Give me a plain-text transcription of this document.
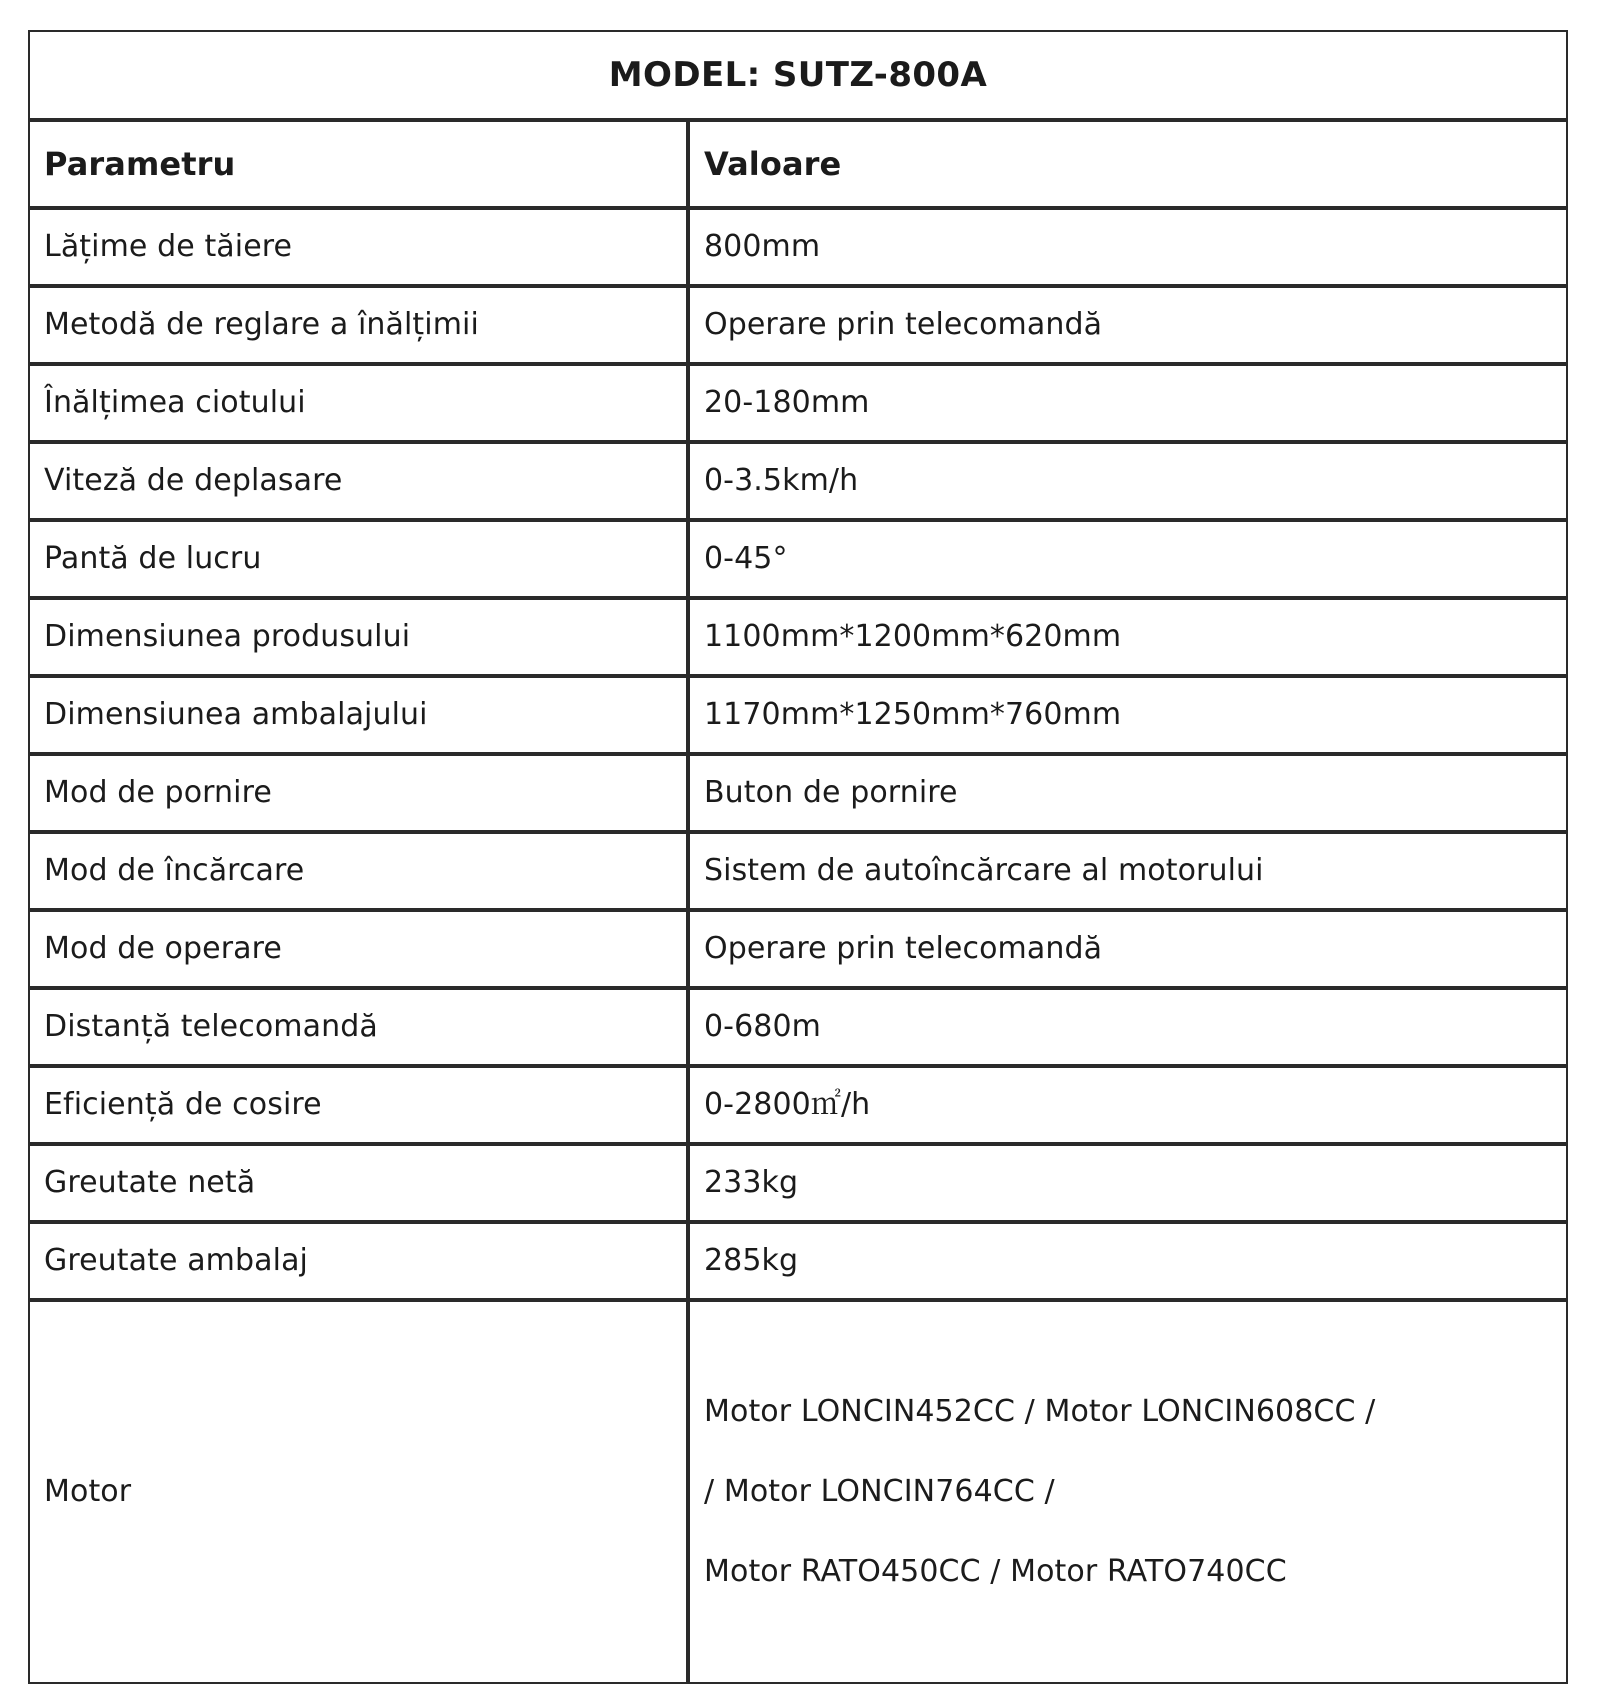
MODEL: SUTZ-800A	
Parametru	Valoare
Lățime de tăiere	800mm
Metodă de reglare a înălțimii	Operare prin telecomandă
Înălțimea ciotului	20-180mm
Viteză de deplasare	0-3.5km/h
Pantă de lucru	0-45°
Dimensiunea produsului	1100mm*1200mm*620mm
Dimensiunea ambalajului	1170mm*1250mm*760mm
Mod de pornire	Buton de pornire
Mod de încărcare	Sistem de autoîncărcare al motorului
Mod de operare	Operare prin telecomandă
Distanță telecomandă	0-680m
Eficiență de cosire	0-2800㎡/h
Greutate netă	233kg
Greutate ambalaj	285kg
Motor	Motor LONCIN452CC / Motor LONCIN608CC /
/ Motor LONCIN764CC /
Motor RATO450CC / Motor RATO740CC
